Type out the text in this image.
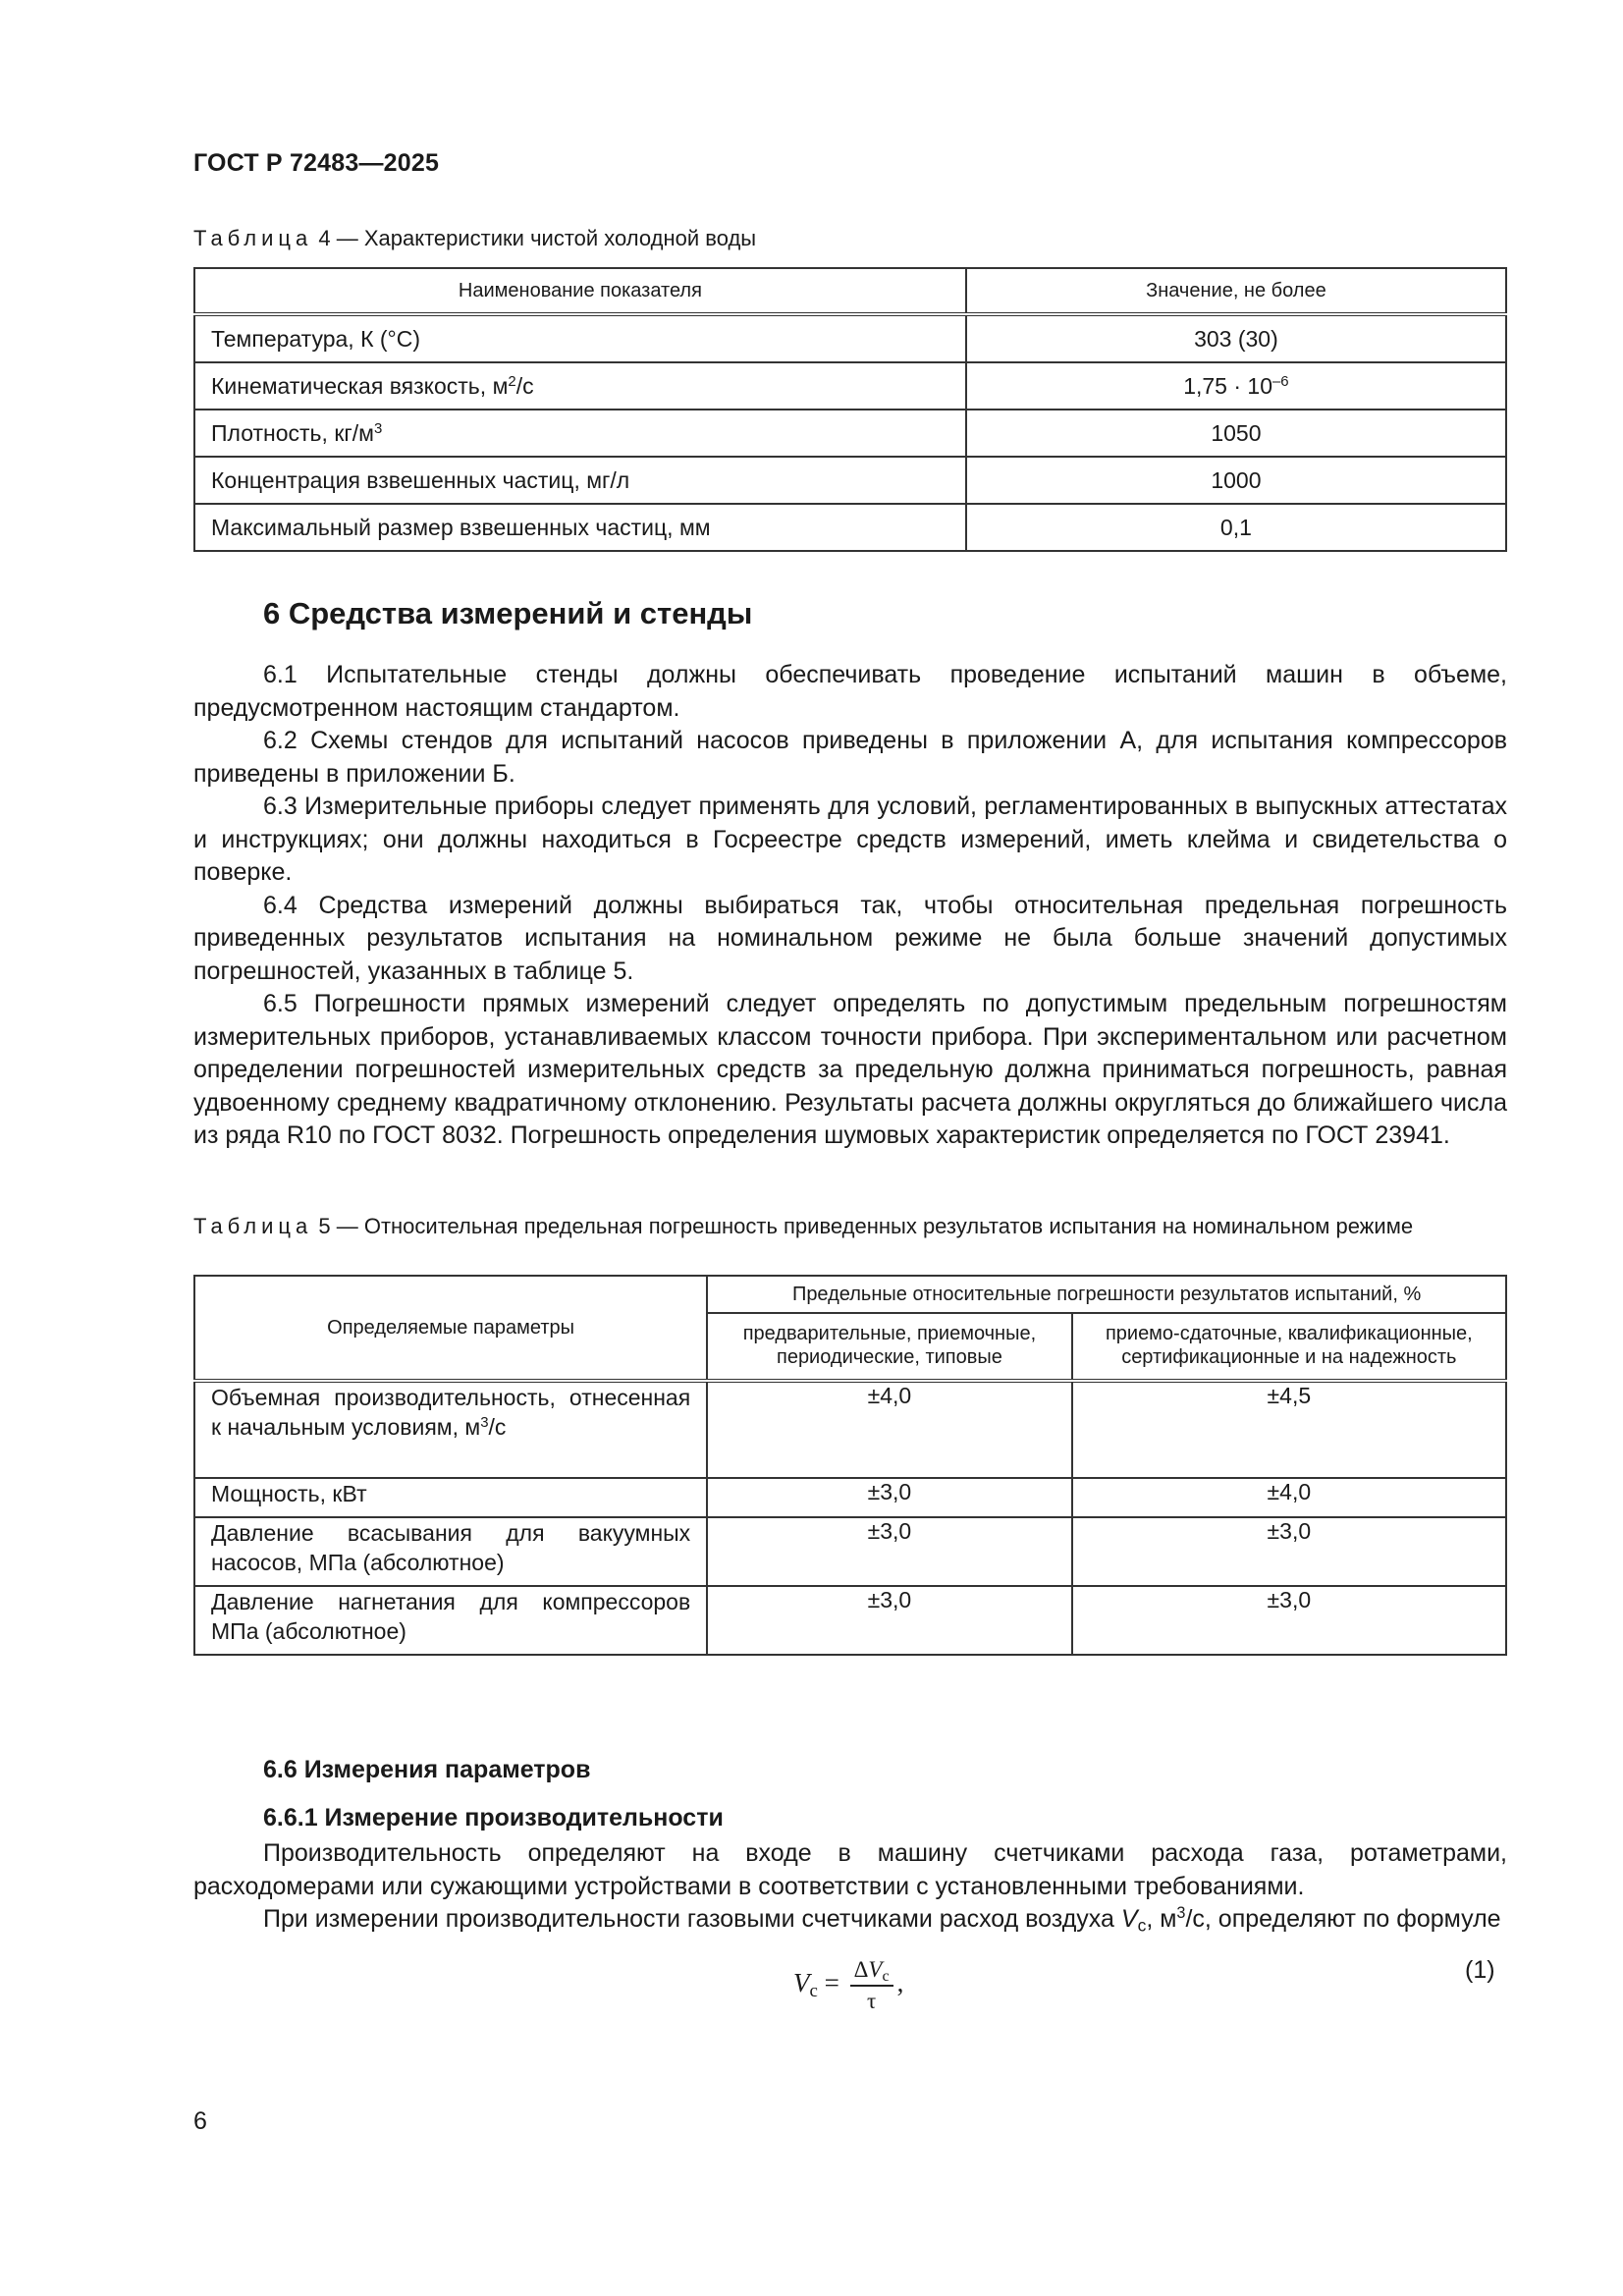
ГОСТ Р 72483—2025
Таблица 4 — Характеристики чистой холодной воды
Наименование показателя	Значение, не более
Температура, К (°С)	303 (30)
Кинематическая вязкость, $м^2/с$	$1,75 \cdot 10^{-6}$
Плотность, $кг/м^3$	1050
Концентрация взвешенных частиц, мг/л	1000
Максимальный размер взвешенных частиц, мм	0,1
6 Средства измерений и стенды

6.1 Испытательные стенды должны обеспечивать проведение испытаний машин в объеме, предусмотренном настоящим стандартом.

6.2 Схемы стендов для испытаний насосов приведены в приложении А, для испытания компрессоров приведены в приложении Б.

6.3 Измерительные приборы следует применять для условий, регламентированных в выпускных аттестатах и инструкциях; они должны находиться в Госреестре средств измерений, иметь клейма и свидетельства о поверке.

6.4 Средства измерений должны выбираться так, чтобы относительная предельная погрешность приведенных результатов испытания на номинальном режиме не была больше значений допустимых погрешностей, указанных в таблице 5.

6.5 Погрешности прямых измерений следует определять по допустимым предельным погрешностям измерительных приборов, устанавливаемых классом точности прибора. При экспериментальном или расчетном определении погрешностей измерительных средств за предельную должна приниматься погрешность, равная удвоенному среднему квадратичному отклонению. Результаты расчета должны округляться до ближайшего числа из ряда R10 по ГОСТ 8032. Погрешность определения шумовых характеристик определяется по ГОСТ 23941.

Таблица 5 — Относительная предельная погрешность приведенных результатов испытания на номинальном режиме
Определяемые параметры	Предельные относительные погрешности результатов испытаний, %	
	предварительные, приемочные, периодические, типовые	приемо-сдаточные, квалификационные, сертификационные и на надежность
Объемная производительность, отнесенная к начальным условиям, $м^3/с$	±4,0	±4,5
Мощность, кВт	±3,0	±4,0
Давление всасывания для вакуумных насосов, МПа (абсолютное)	±3,0	±3,0
Давление нагнетания для компрессоров МПа (абсолютное)	±3,0	±3,0
6.6 Измерения параметров
6.6.1 Измерение производительности

Производительность определяют на входе в машину счетчиками расхода газа, ротаметрами, расходомерами или сужающими устройствами в соответствии с установленными требованиями.

При измерении производительности газовыми счетчиками расход воздуха $V_c$, $м^3/с$, определяют по формуле

$V_c = \frac{\Delta V_c}{\tau}$ ,	(1)
6
